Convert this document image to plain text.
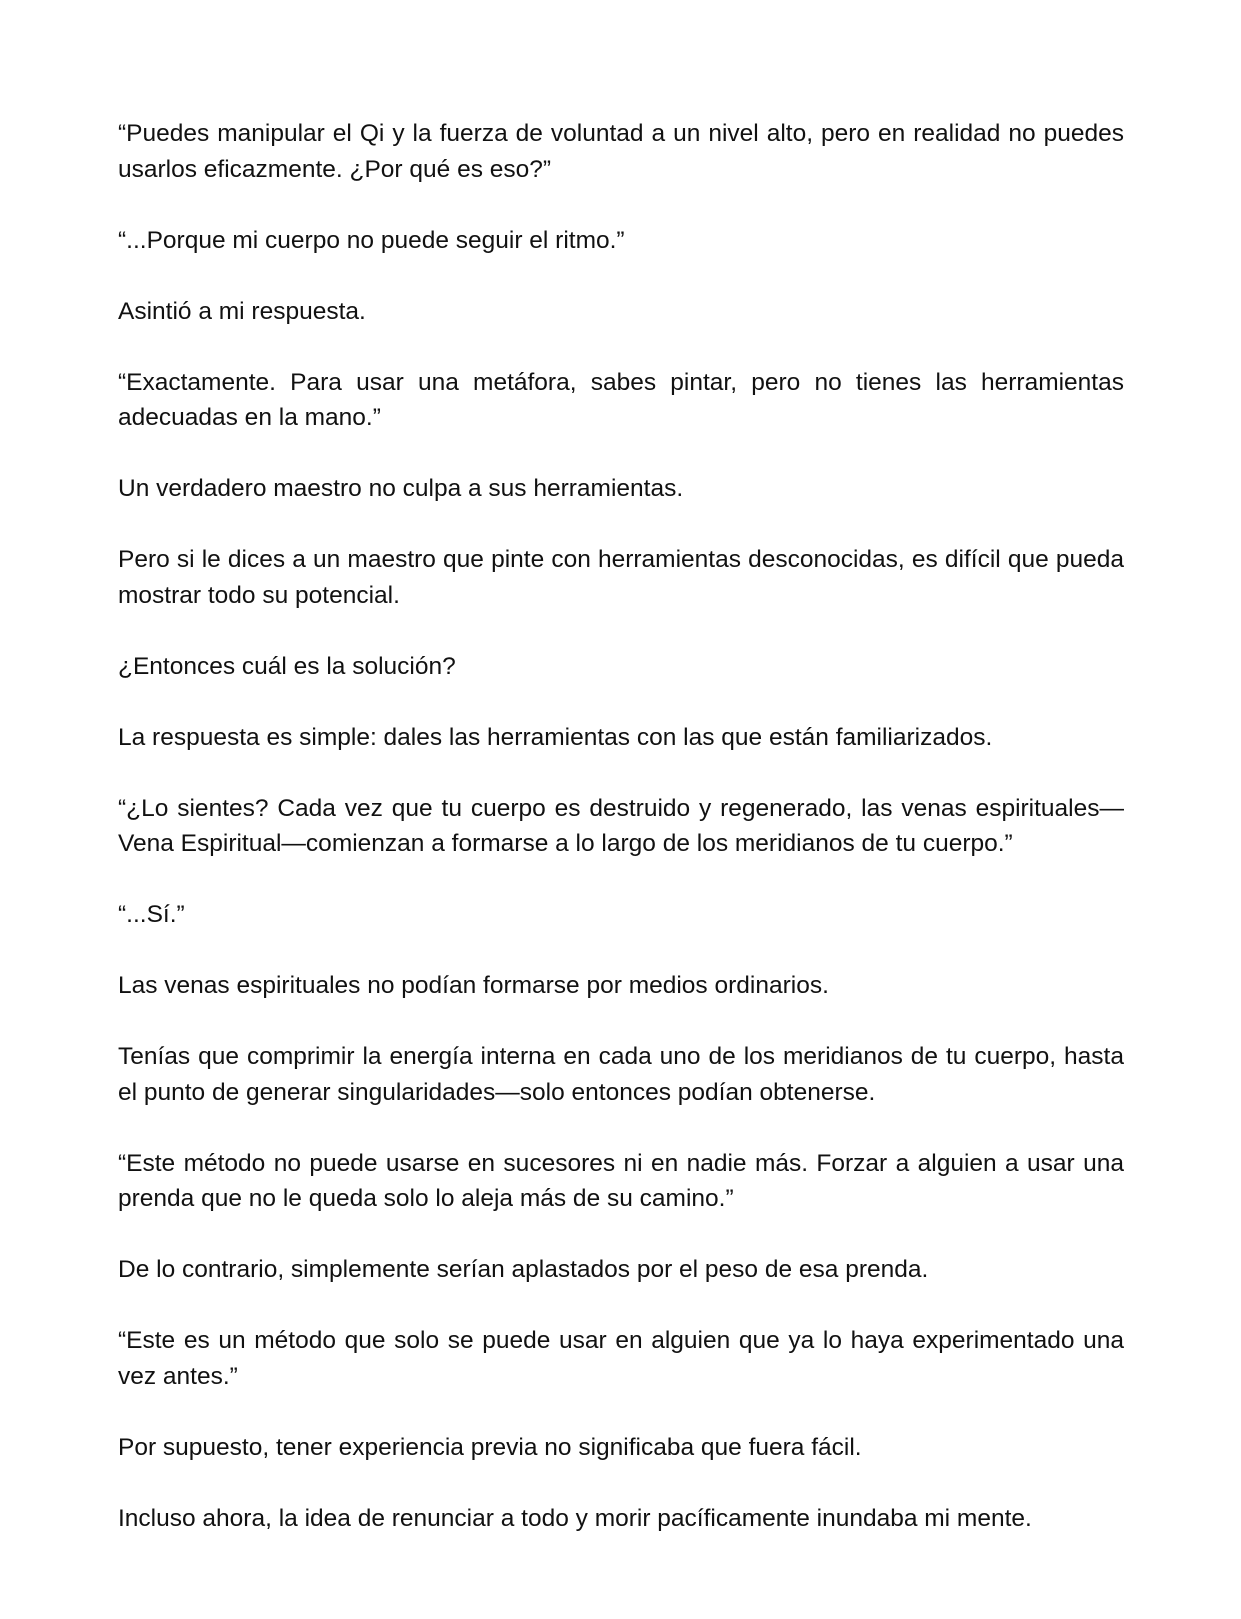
“Puedes manipular el Qi y la fuerza de voluntad a un nivel alto, pero en realidad no puedes usarlos eficazmente. ¿Por qué es eso?”

“...Porque mi cuerpo no puede seguir el ritmo.”

Asintió a mi respuesta.

“Exactamente. Para usar una metáfora, sabes pintar, pero no tienes las herramientas adecuadas en la mano.”

Un verdadero maestro no culpa a sus herramientas.

Pero si le dices a un maestro que pinte con herramientas desconocidas, es difícil que pueda mostrar todo su potencial.

¿Entonces cuál es la solución?

La respuesta es simple: dales las herramientas con las que están familiarizados.

“¿Lo sientes? Cada vez que tu cuerpo es destruido y regenerado, las venas espirituales—Vena Espiritual—comienzan a formarse a lo largo de los meridianos de tu cuerpo.”

“...Sí.”

Las venas espirituales no podían formarse por medios ordinarios.

Tenías que comprimir la energía interna en cada uno de los meridianos de tu cuerpo, hasta el punto de generar singularidades—solo entonces podían obtenerse.

“Este método no puede usarse en sucesores ni en nadie más. Forzar a alguien a usar una prenda que no le queda solo lo aleja más de su camino.”

De lo contrario, simplemente serían aplastados por el peso de esa prenda.

“Este es un método que solo se puede usar en alguien que ya lo haya experimentado una vez antes.”

Por supuesto, tener experiencia previa no significaba que fuera fácil.

Incluso ahora, la idea de renunciar a todo y morir pacíficamente inundaba mi mente.
